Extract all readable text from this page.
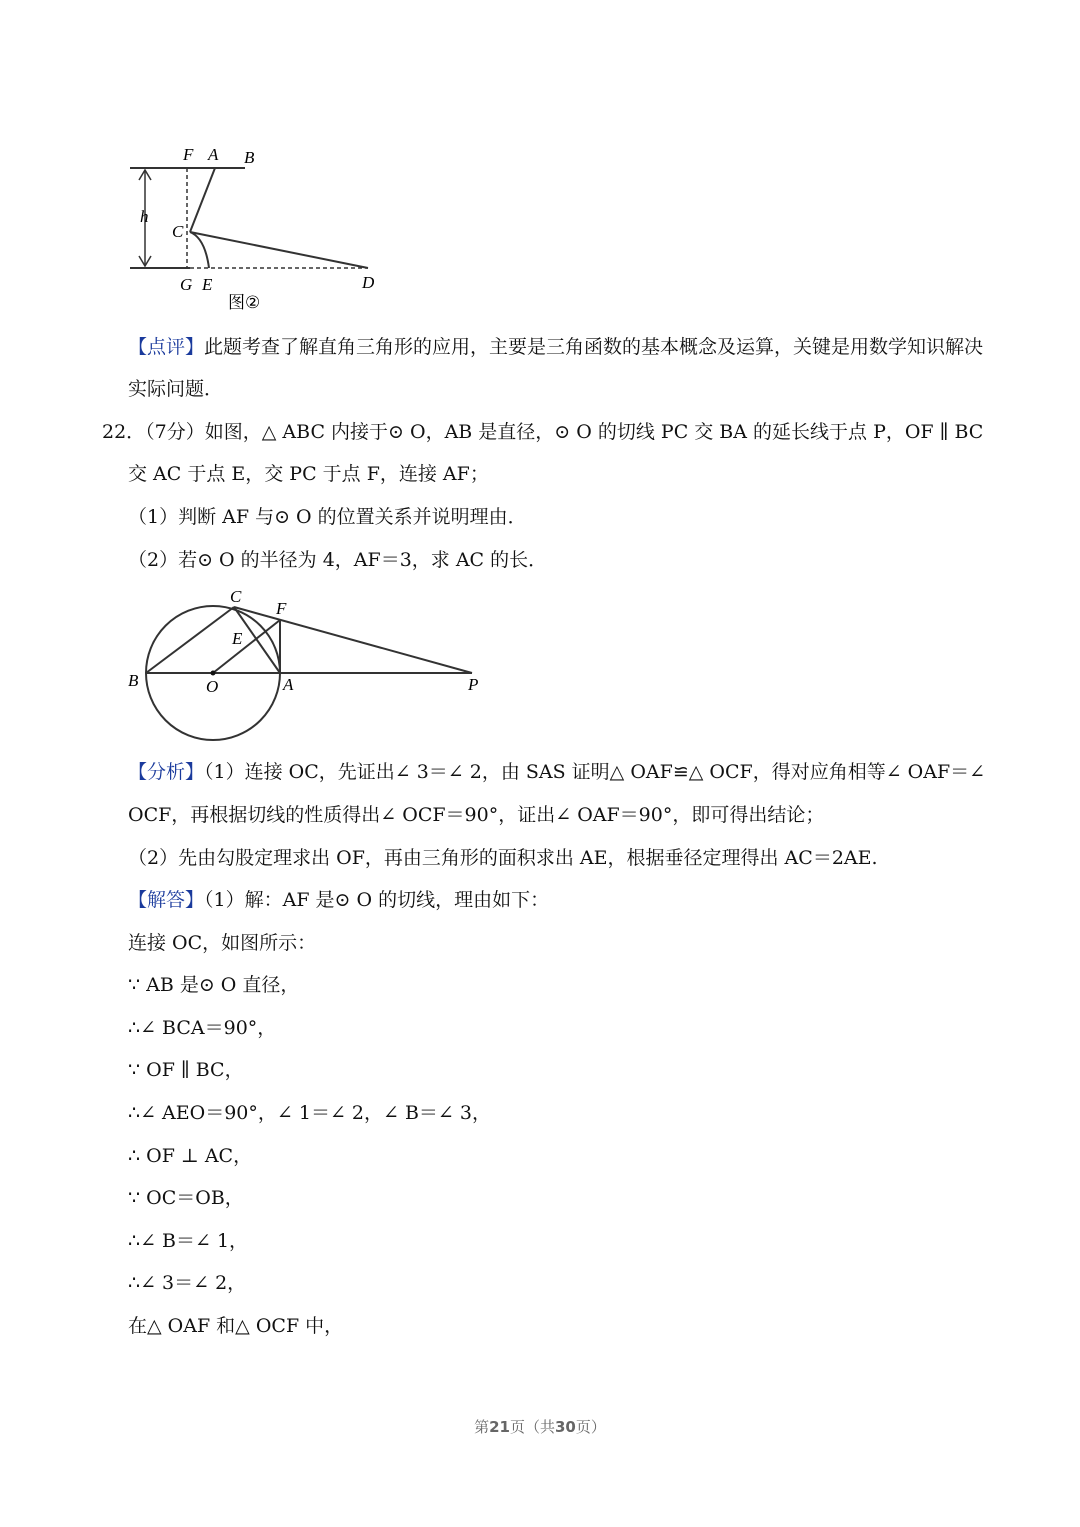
F A B
h
C
G E	D
图②
【点评】此题考查了解直角三角形的应用，主要是三角函数的基本概念及运算，关键是用数学知识解决
实际问题．
22．（7分）如图，△ ABC 内接于⊙ O，AB 是直径，⊙ O 的切线 PC 交 BA 的延长线于点 P，OF ∥ BC
交 AC 于点 E，交 PC 于点 F，连接 AF；
（1）判断 AF 与⊙ O 的位置关系并说明理由．
（2）若⊙ O 的半径为 4，AF＝3，求 AC 的长．
C
F
E
B	O	A	P
【分析】（1）连接 OC，先证出∠ 3＝∠ 2，由 SAS 证明△ OAF≌△ OCF，得对应角相等∠ OAF＝∠
OCF，再根据切线的性质得出∠ OCF＝90°，证出∠ OAF＝90°，即可得出结论；
（2）先由勾股定理求出 OF，再由三角形的面积求出 AE，根据垂径定理得出 AC＝2AE.
【解答】（1）解：AF 是⊙ O 的切线，理由如下：
连接 OC，如图所示：
∵ AB 是⊙ O 直径，
∴∠ BCA＝90°，
∵ OF ∥ BC，
∴∠ AEO＝90°，∠ 1＝∠ 2，∠ B＝∠ 3，
∴ OF ⊥ AC，
∵ OC＝OB，
∴∠ B＝∠ 1，
∴∠ 3＝∠ 2，
在△ OAF 和△ OCF 中，
第21页（共30页）
